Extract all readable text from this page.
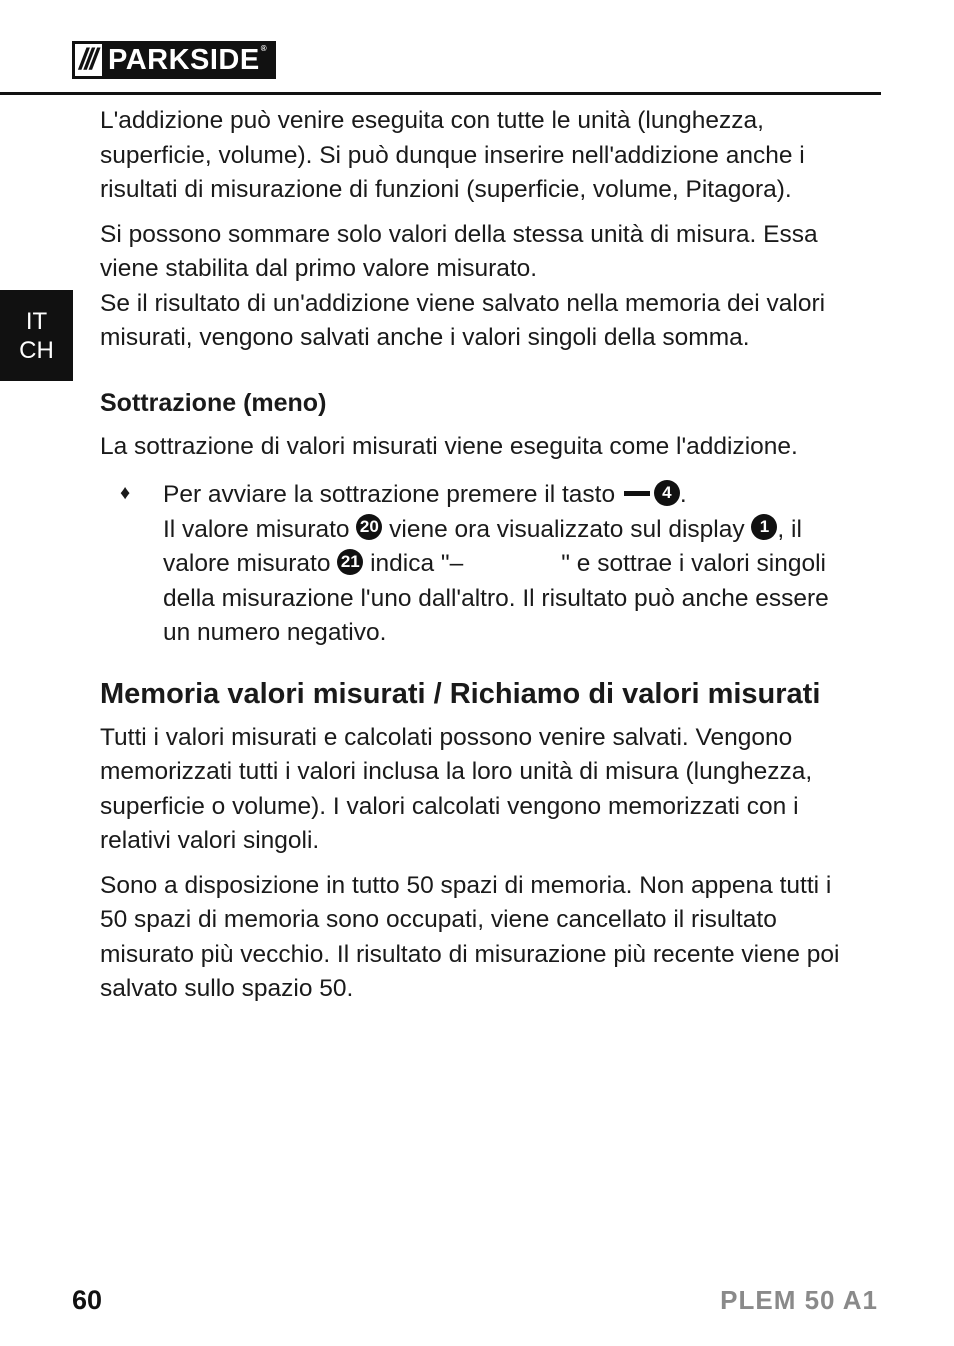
/// PARKSIDE®
IT
CH

L'addizione può venire eseguita con tutte le unità (lunghezza, superficie, volume). Si può dunque inserire nell'addizione anche i risultati di misurazione di funzioni (superficie, volume, Pitagora).

Si possono sommare solo valori della stessa unità di misura. Essa viene stabilita dal primo valore misurato.

Se il risultato di un'addizione viene salvato nella memoria dei valori misurati, vengono salvati anche i valori singoli della somma.

Sottrazione (meno)

La sottrazione di valori misurati viene eseguita come l'addizione.

♦ Per avviare la sottrazione premere il tasto	4 .
Il valore misurato 20 viene ora visualizzato sul display 1 , il valore misurato 21 indica "–	" e sottrae i valori singoli della misurazione l'uno dall'altro. Il risultato può anche essere un numero negativo.
Memoria valori misurati / Richiamo di valori misurati

Tutti i valori misurati e calcolati possono venire salvati. Vengono memorizzati tutti i valori inclusa la loro unità di misura (lunghezza, superficie o volume). I valori calcolati vengono memorizzati con i relativi valori singoli.

Sono a disposizione in tutto 50 spazi di memoria. Non appena tutti i 50 spazi di memoria sono occupati, viene cancellato il risultato misurato più vecchio. Il risultato di misurazione più recente viene poi salvato sullo spazio 50.

60	PLEM 50 A1
